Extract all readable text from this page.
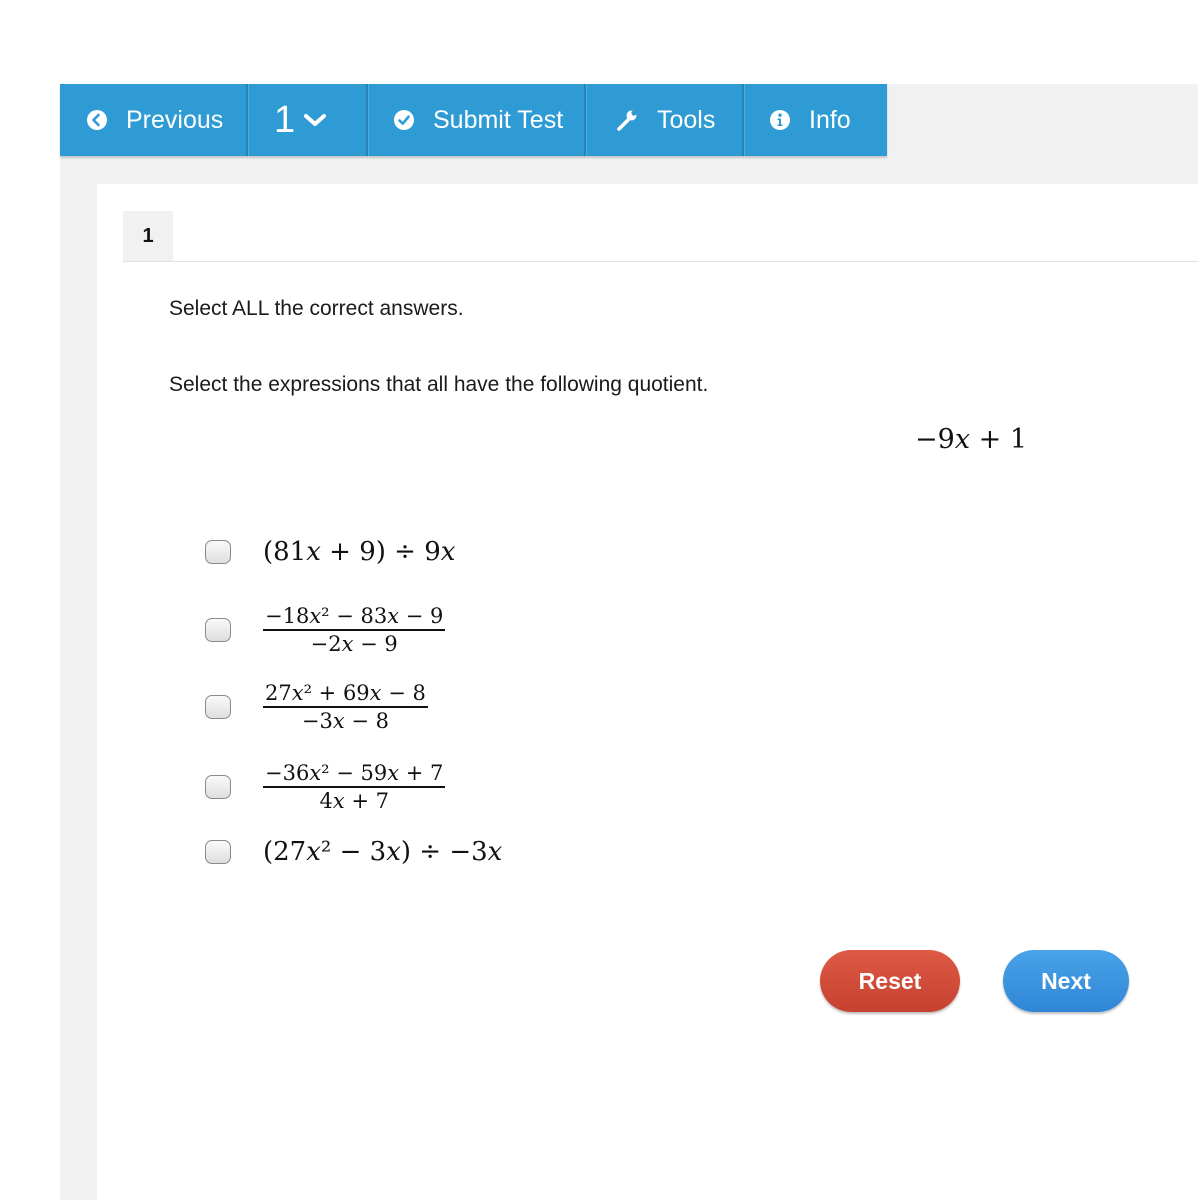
Previous 1	Submit Test	Tools	Info
1
Select ALL the correct answers.
Select the expressions that all have the following quotient.
−9x + 1
(81x + 9) ÷ 9x
$\frac{\text{−18x² − 83x − 9}}{-2x - 9}$
$\frac{\text{27x² + 69x − 8}}{-3x - 8}$
$\frac{\text{−36x² − 59x + 7}}{4x + 7}$
(27x² − 3x) ÷ −3x
Reset	Next
